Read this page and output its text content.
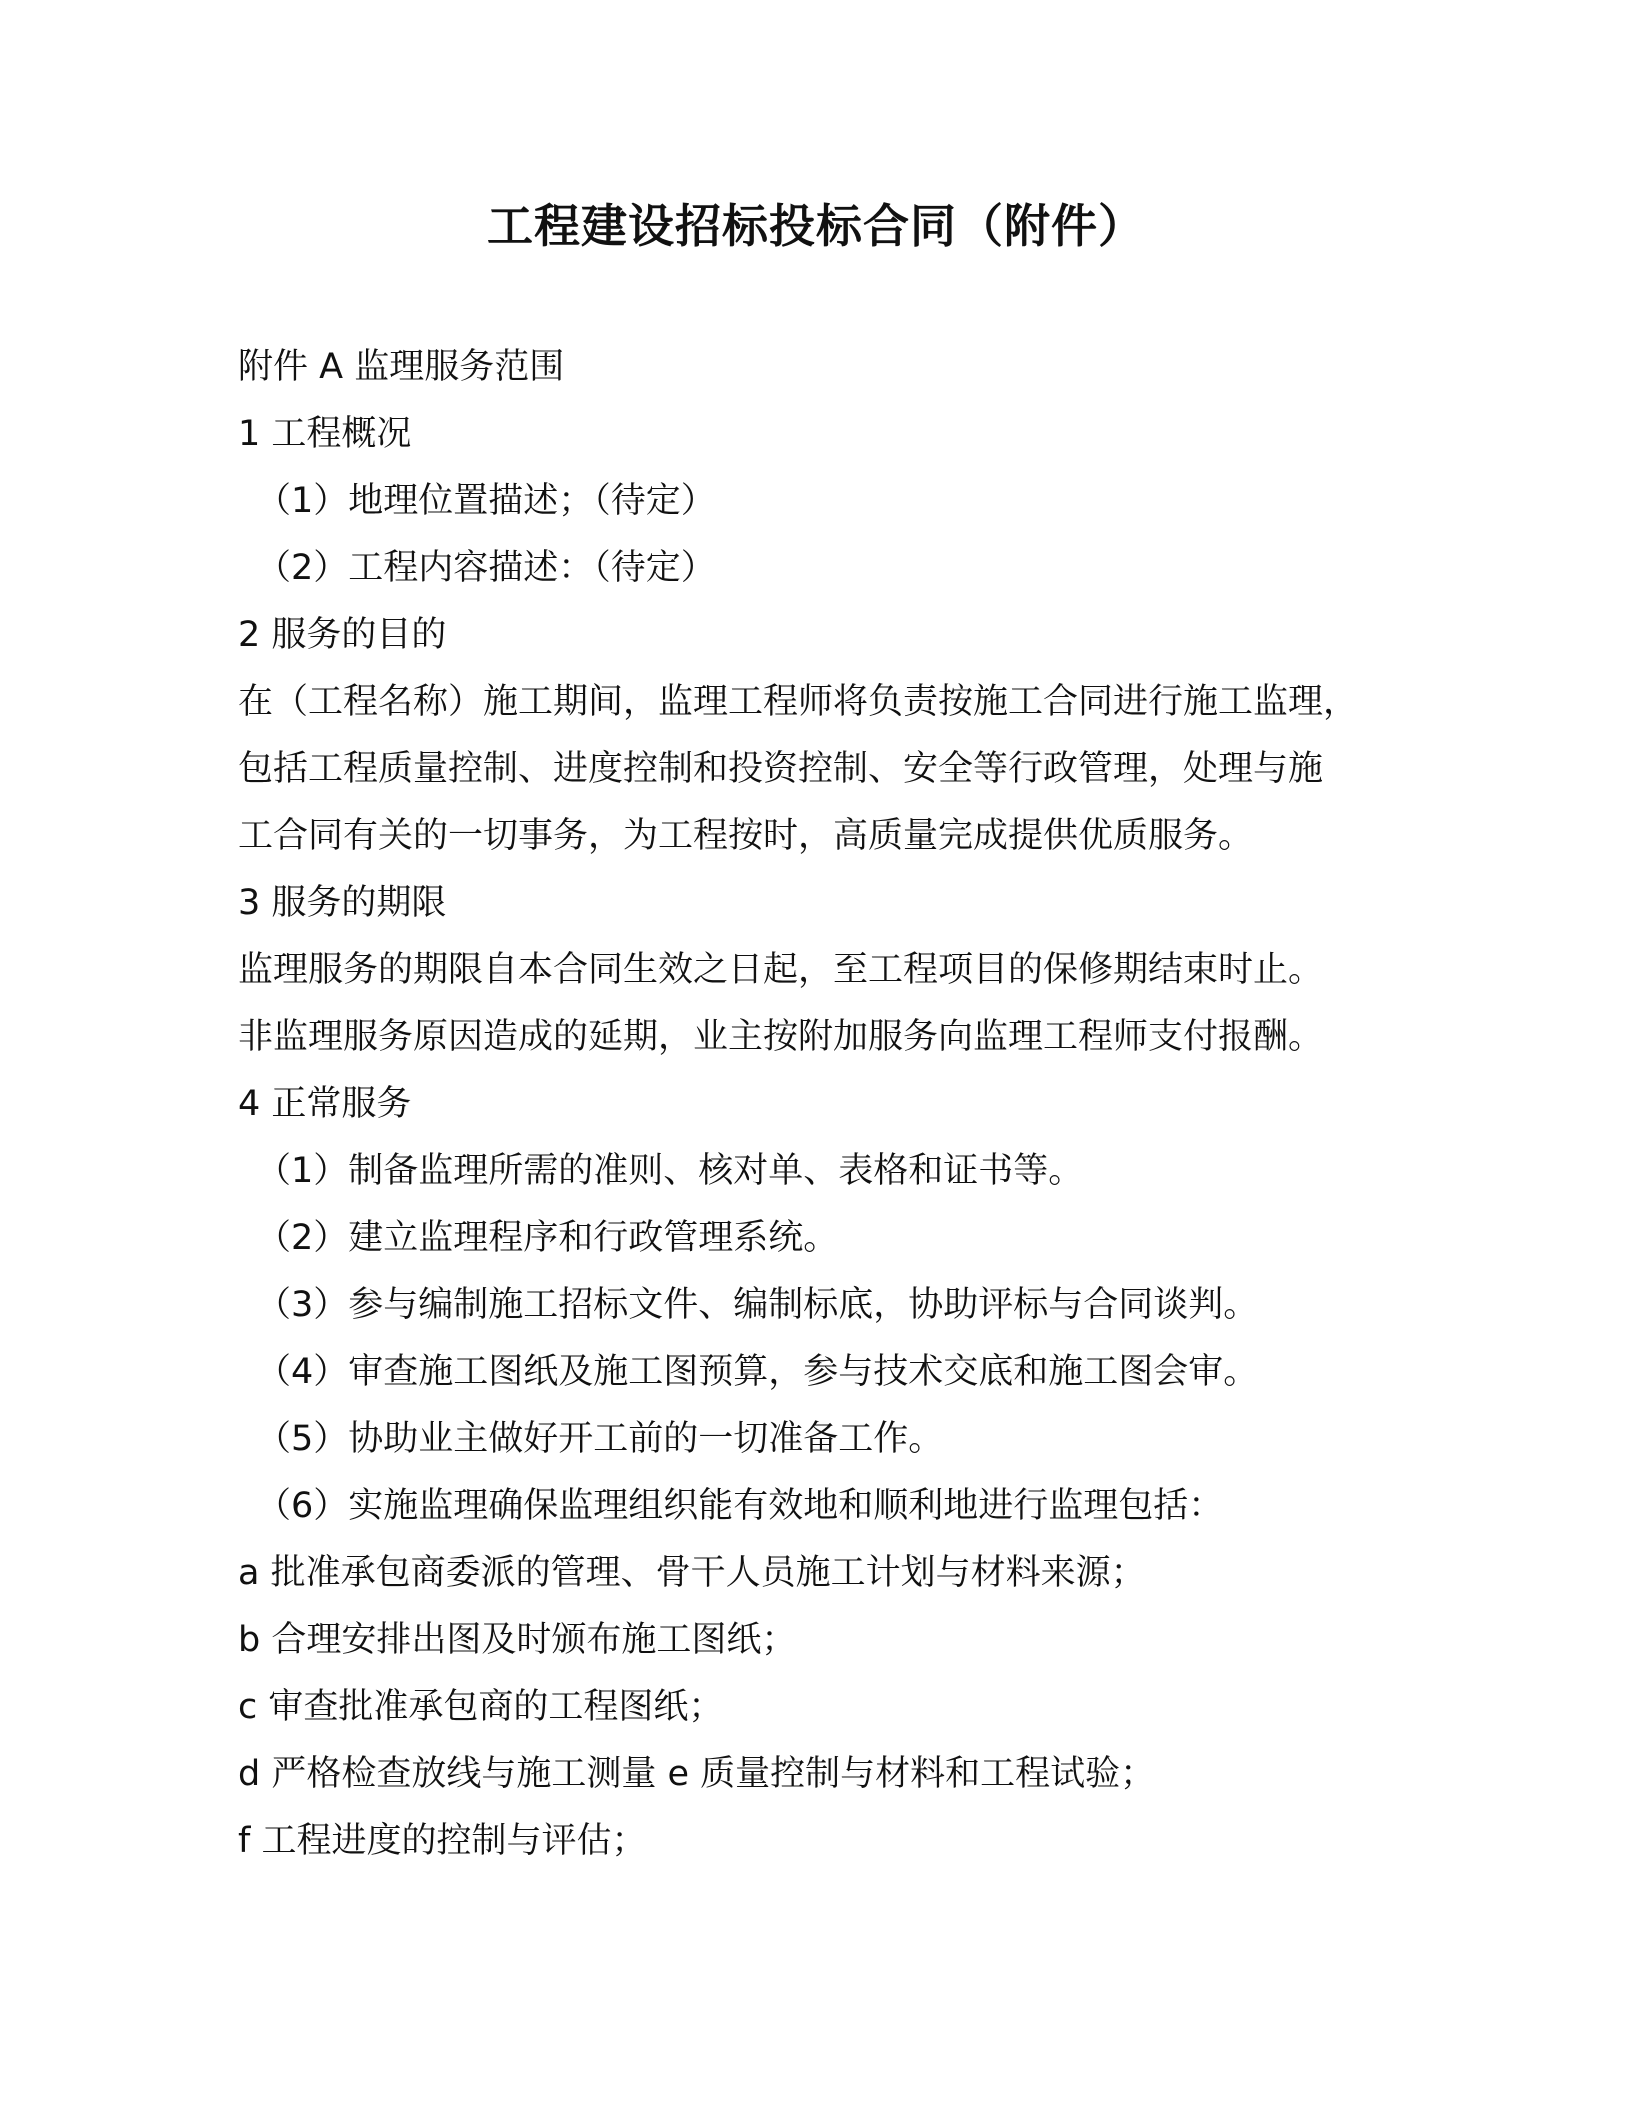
工程建设招标投标合同（附件）
附件 A 监理服务范围
1 工程概况
（1）地理位置描述；（待定）
（2）工程内容描述：（待定）
2 服务的目的
在（工程名称）施工期间，监理工程师将负责按施工合同进行施工监理，
包括工程质量控制、进度控制和投资控制、安全等行政管理，处理与施
工合同有关的一切事务，为工程按时，高质量完成提供优质服务。
3 服务的期限
监理服务的期限自本合同生效之日起，至工程项目的保修期结束时止。
非监理服务原因造成的延期，业主按附加服务向监理工程师支付报酬。
4 正常服务
（1）制备监理所需的准则、核对单、表格和证书等。
（2）建立监理程序和行政管理系统。
（3）参与编制施工招标文件、编制标底，协助评标与合同谈判。
（4）审查施工图纸及施工图预算，参与技术交底和施工图会审。
（5）协助业主做好开工前的一切准备工作。
（6）实施监理确保监理组织能有效地和顺利地进行监理包括：
a 批准承包商委派的管理、骨干人员施工计划与材料来源；
b 合理安排出图及时颁布施工图纸；
c 审查批准承包商的工程图纸；
d 严格检查放线与施工测量 e 质量控制与材料和工程试验；
f 工程进度的控制与评估；
